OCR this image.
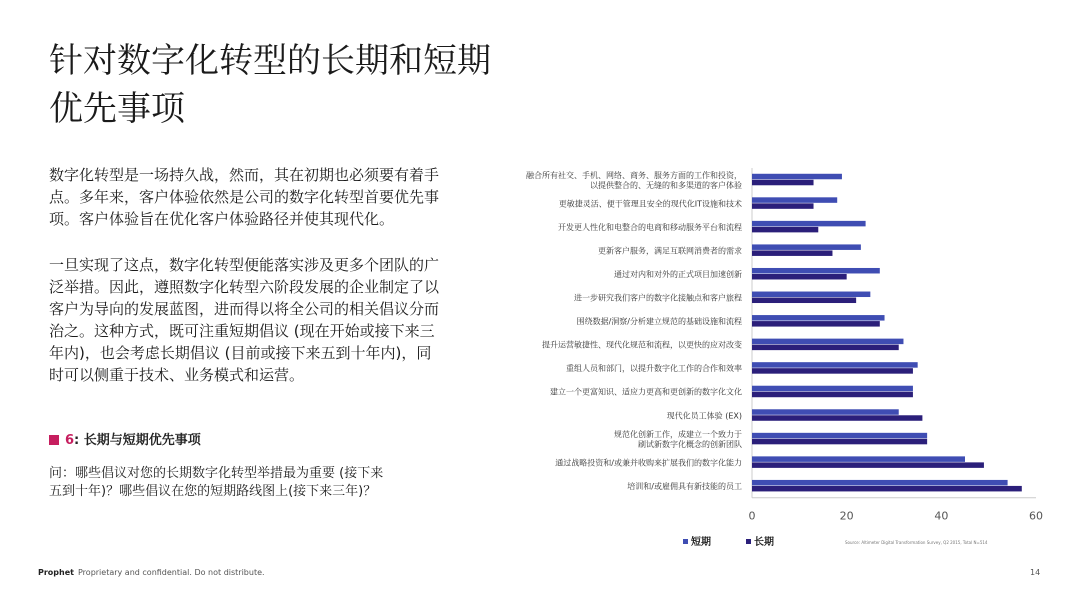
针对数字化转型的长期和短期
优先事项

数字化转型是一场持久战，然而，其在初期也必须要有着手点。多年来，客户体验依然是公司的数字化转型首要优先事项。客户体验旨在优化客户体验路径并使其现代化。

一旦实现了这点，数字化转型便能落实涉及更多个团队的广泛举措。因此，遵照数字化转型六阶段发展的企业制定了以客户为导向的发展蓝图，进而得以将全公司的相关倡议分而治之。这种方式，既可注重短期倡议 (现在开始或接下来三年内)，也会考虑长期倡议 (目前或接下来五到十年内)，同时可以侧重于技术、业务模式和运营。

6: 长期与短期优先事项

问：哪些倡议对您的长期数字化转型举措最为重要 (接下来五到十年)？哪些倡议在您的短期路线图上(接下来三年)？

融合所有社交、手机、网络、商务、服务方面的工作和投资，以提供整合的、无缝的和多渠道的客户体验
更敏捷灵活、便于管理且安全的现代化IT设施和技术
开发更人性化和电整合的电商和移动服务平台和流程
更新客户服务，满足互联网消费者的需求
通过对内和对外的正式项目加速创新
进一步研究我们客户的数字化接触点和客户旅程
围绕数据/洞察/分析建立规范的基础设施和流程
提升运营敏捷性、现代化规范和流程，以更快的应对改变
重组人员和部门，以提升数字化工作的合作和效率
建立一个更富知识、适应力更高和更创新的数字化文化
现代化员工体验 (EX)
规范化创新工作，成建立一个致力于刷试新数字化概念的创新团队
通过战略投资和/或兼并收购来扩展我们的数字化能力
培训和/或雇佣具有新技能的员工
0	20	40	60
短期	长期	Source: Altimeter Digital Transformation Survey, Q2 2015, Total N=514
Prophet Proprietary and confidential. Do not distribute.	14
